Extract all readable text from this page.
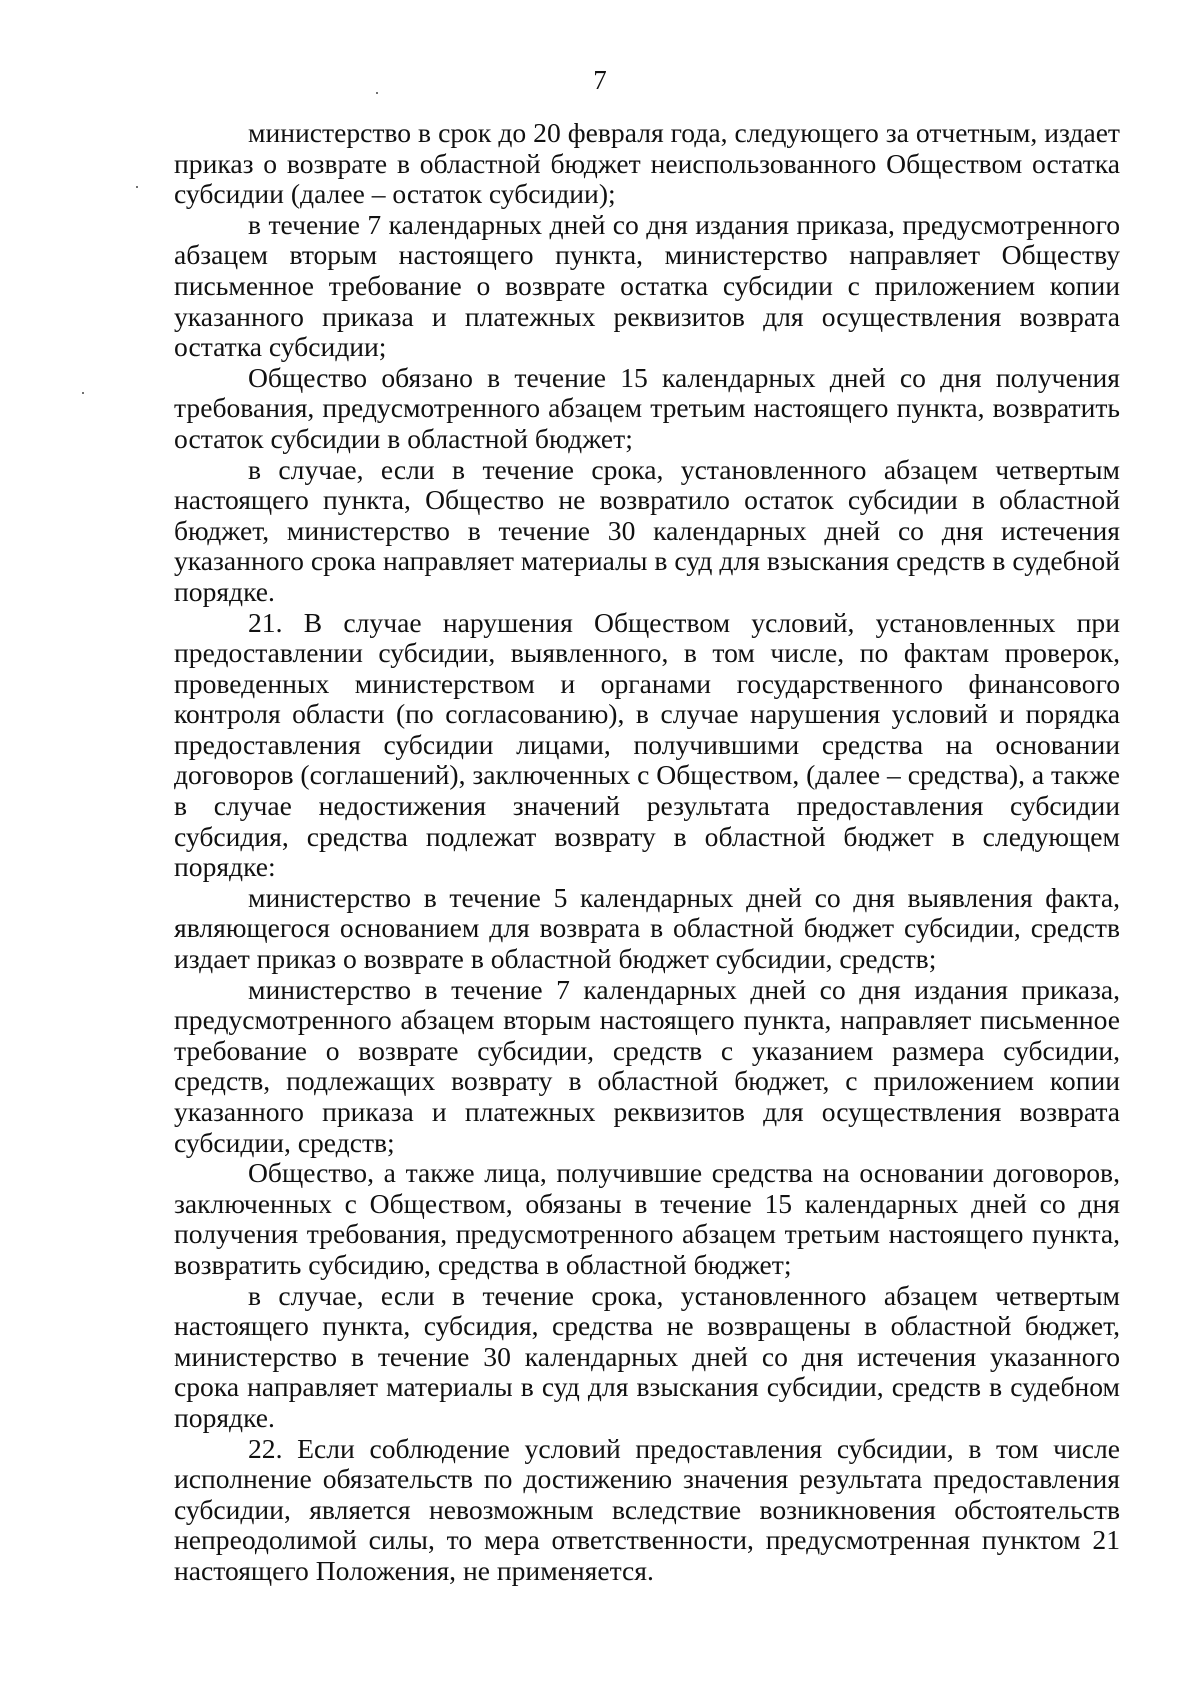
7

министерство в срок до 20 февраля года, следующего за отчетным, издает приказ о возврате в областной бюджет неиспользованного Обществом остатка субсидии (далее – остаток субсидии);

в течение 7 календарных дней со дня издания приказа, предусмотренного абзацем вторым настоящего пункта, министерство направляет Обществу письменное требование о возврате остатка субсидии с приложением копии указанного приказа и платежных реквизитов для осуществления возврата остатка субсидии;

Общество обязано в течение 15 календарных дней со дня получения требования, предусмотренного абзацем третьим настоящего пункта, возвратить остаток субсидии в областной бюджет;

в случае, если в течение срока, установленного абзацем четвертым настоящего пункта, Общество не возвратило остаток субсидии в областной бюджет, министерство в течение 30 календарных дней со дня истечения указанного срока направляет материалы в суд для взыскания средств в судебной порядке.

21. В случае нарушения Обществом условий, установленных при предоставлении субсидии, выявленного, в том числе, по фактам проверок, проведенных министерством и органами государственного финансового контроля области (по согласованию), в случае нарушения условий и порядка предоставления субсидии лицами, получившими средства на основании договоров (соглашений), заключенных с Обществом, (далее – средства), а также в случае недостижения значений результата предоставления субсидии субсидия, средства подлежат возврату в областной бюджет в следующем порядке:

министерство в течение 5 календарных дней со дня выявления факта, являющегося основанием для возврата в областной бюджет субсидии, средств издает приказ о возврате в областной бюджет субсидии, средств;

министерство в течение 7 календарных дней со дня издания приказа, предусмотренного абзацем вторым настоящего пункта, направляет письменное требование о возврате субсидии, средств с указанием размера субсидии, средств, подлежащих возврату в областной бюджет, с приложением копии указанного приказа и платежных реквизитов для осуществления возврата субсидии, средств;

Общество, а также лица, получившие средства на основании договоров, заключенных с Обществом, обязаны в течение 15 календарных дней со дня получения требования, предусмотренного абзацем третьим настоящего пункта, возвратить субсидию, средства в областной бюджет;

в случае, если в течение срока, установленного абзацем четвертым настоящего пункта, субсидия, средства не возвращены в областной бюджет, министерство в течение 30 календарных дней со дня истечения указанного срока направляет материалы в суд для взыскания субсидии, средств в судебном порядке.

22. Если соблюдение условий предоставления субсидии, в том числе исполнение обязательств по достижению значения результата предоставления субсидии, является невозможным вследствие возникновения обстоятельств непреодолимой силы, то мера ответственности, предусмотренная пунктом 21 настоящего Положения, не применяется.
